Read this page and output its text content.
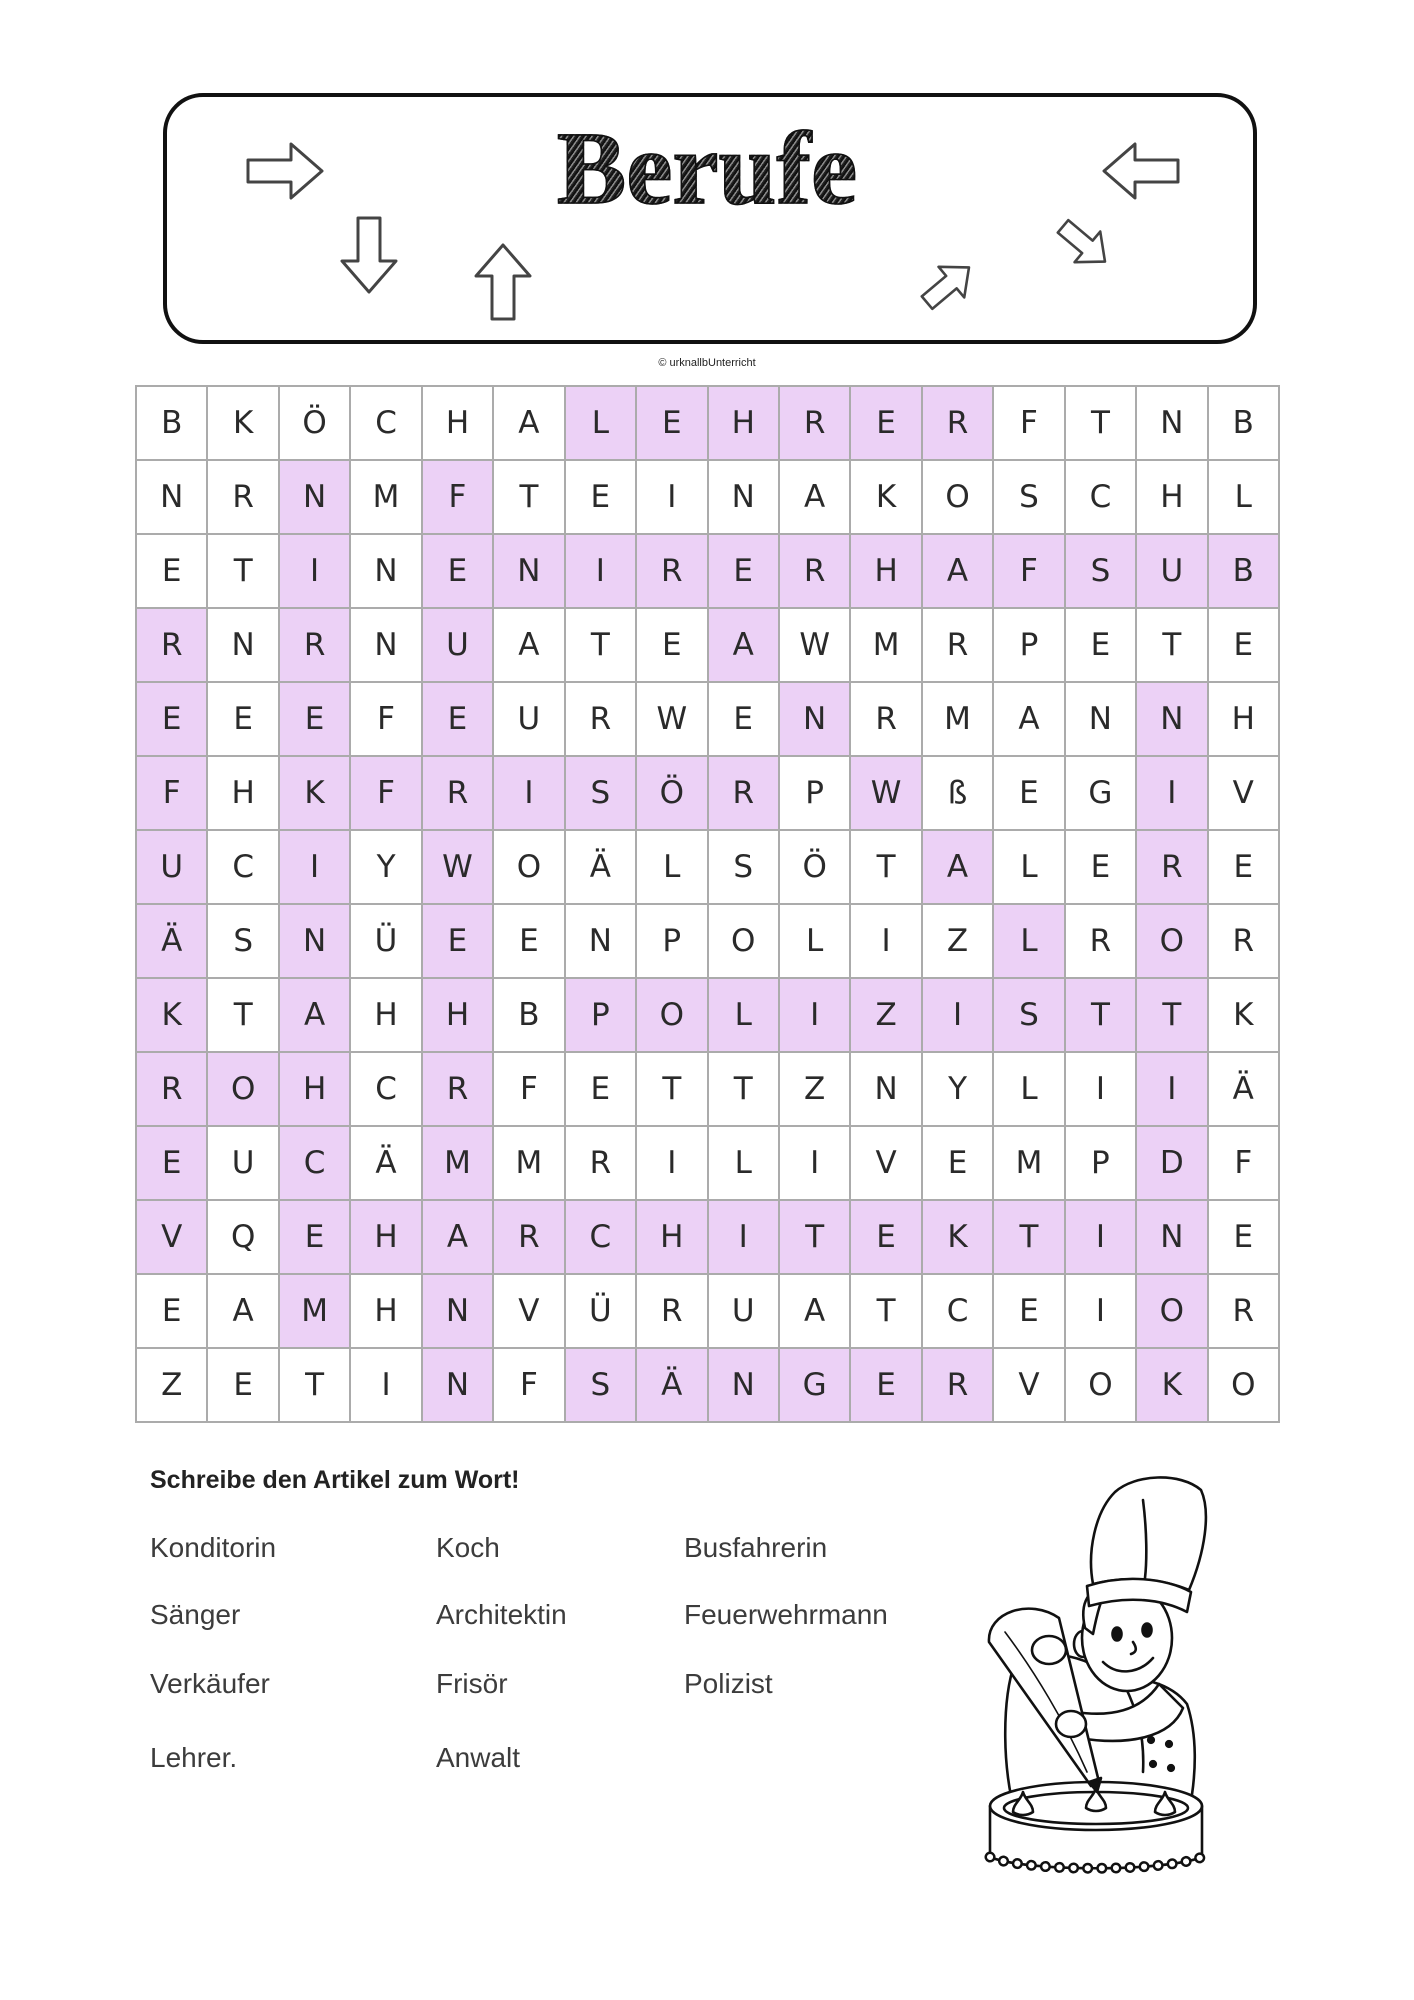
Berufe
© urknallbUnterricht
B	K	Ö	C	H	A	L	E	H	R	E	R	F	T	N	B
N	R	N	M	F	T	E	I	N	A	K	O	S	C	H	L
E	T	I	N	E	N	I	R	E	R	H	A	F	S	U	B
R	N	R	N	U	A	T	E	A	W	M	R	P	E	T	E
E	E	E	F	E	U	R	W	E	N	R	M	A	N	N	H
F	H	K	F	R	I	S	Ö	R	P	W	ß	E	G	I	V
U	C	I	Y	W	O	Ä	L	S	Ö	T	A	L	E	R	E
Ä	S	N	Ü	E	E	N	P	O	L	I	Z	L	R	O	R
K	T	A	H	H	B	P	O	L	I	Z	I	S	T	T	K
R	O	H	C	R	F	E	T	T	Z	N	Y	L	I	I	Ä
E	U	C	Ä	M	M	R	I	L	I	V	E	M	P	D	F
V	Q	E	H	A	R	C	H	I	T	E	K	T	I	N	E
E	A	M	H	N	V	Ü	R	U	A	T	C	E	I	O	R
Z	E	T	I	N	F	S	Ä	N	G	E	R	V	O	K	O

Schreibe den Artikel zum Wort!

Konditorin
Sänger
Verkäufer
Lehrer.
Koch
Architektin
Frisör
Anwalt
Busfahrerin
Feuerwehrmann
Polizist
